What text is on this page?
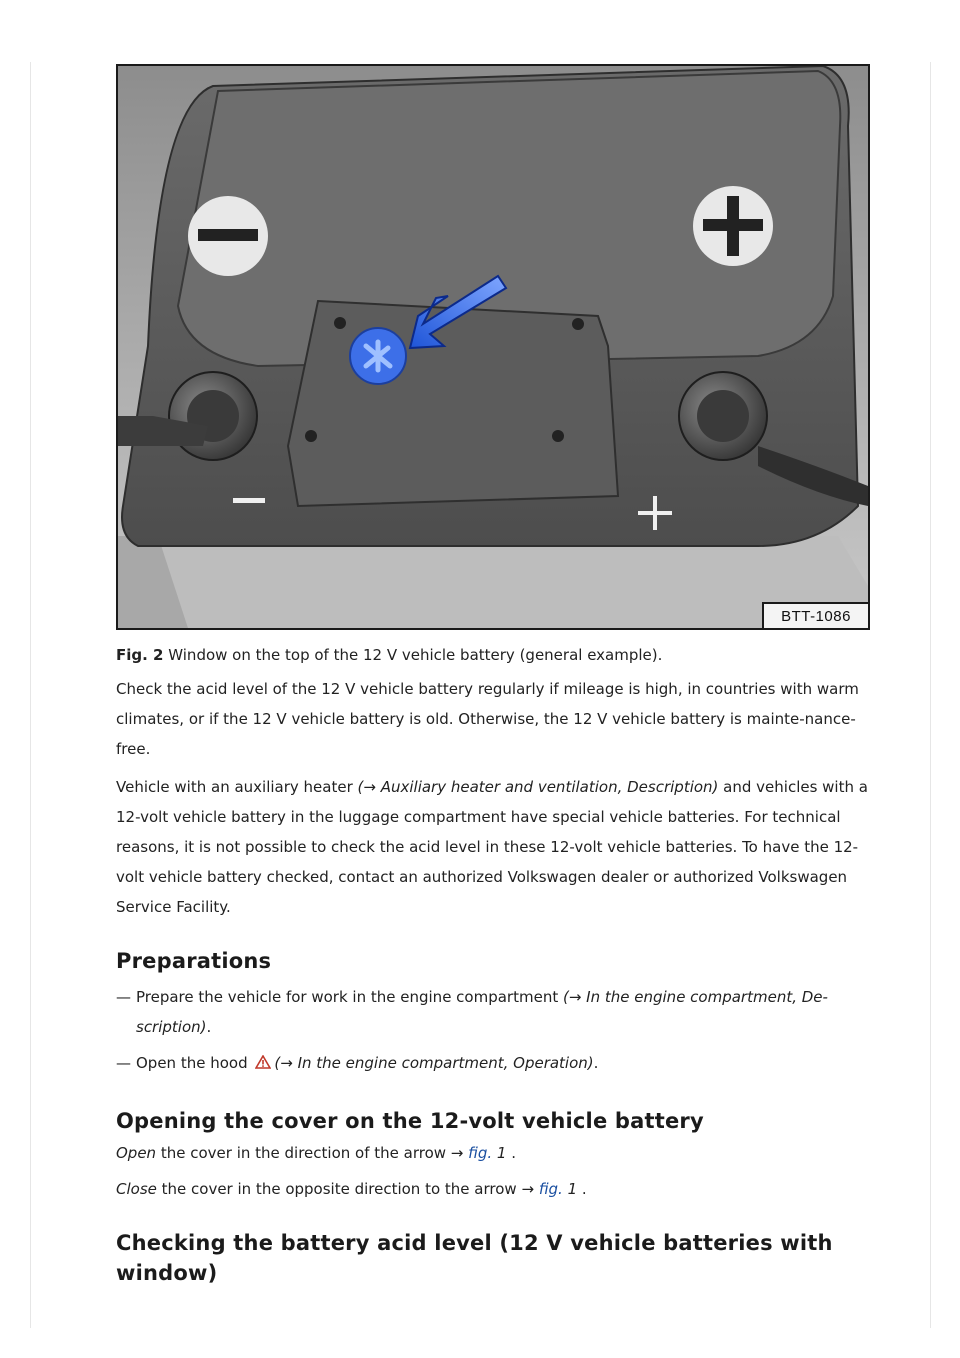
BTT-1086

Fig. 2 Window on the top of the 12 V vehicle battery (general example).

Check the acid level of the 12 V vehicle battery regularly if mileage is high, in countries with warm climates, or if the 12 V vehicle battery is old. Otherwise, the 12 V vehicle battery is mainte-nance-free.

Vehicle with an auxiliary heater (→ Auxiliary heater and ventilation, Description) and vehicles with a 12-volt vehicle battery in the luggage compartment have special vehicle batteries. For technical reasons, it is not possible to check the acid level in these 12-volt vehicle batteries. To have the 12-volt vehicle battery checked, contact an authorized Volkswagen dealer or authorized Volkswagen Service Facility.

Preparations
— Prepare the vehicle for work in the engine compartment (→ In the engine compartment, De-scription).
— Open the hood (→ In the engine compartment, Operation).
Opening the cover on the 12-volt vehicle battery

Open the cover in the direction of the arrow → fig. 1 .

Close the cover in the opposite direction to the arrow → fig. 1 .

Checking the battery acid level (12 V vehicle batteries with window)
